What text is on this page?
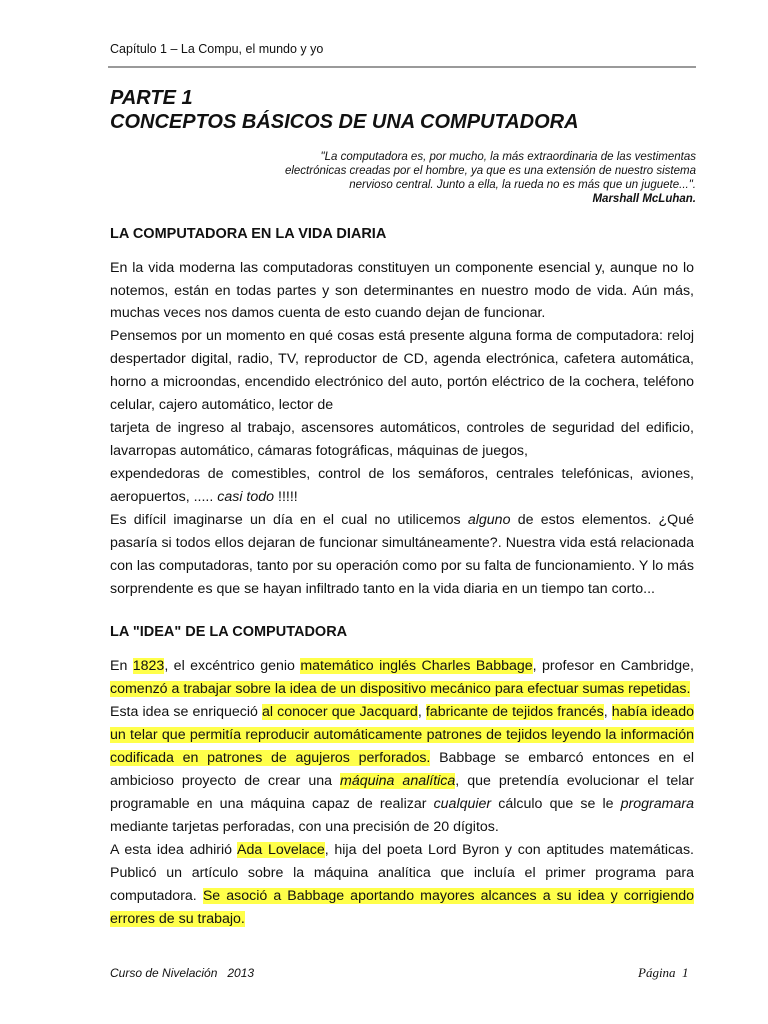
Capítulo 1 – La Compu, el mundo y yo
PARTE 1
CONCEPTOS BÁSICOS DE UNA COMPUTADORA
"La computadora es, por mucho, la más extraordinaria de las vestimentas
electrónicas creadas por el hombre, ya que es una extensión de nuestro sistema
nervioso central. Junto a ella, la rueda no es más que un juguete...".
Marshall McLuhan.
LA COMPUTADORA EN LA VIDA DIARIA
En la vida moderna las computadoras constituyen un componente esencial y, aunque no lo
notemos, están en todas partes y son determinantes en nuestro modo de vida. Aún más,
muchas veces nos damos cuenta de esto cuando dejan de funcionar.
Pensemos por un momento en qué cosas está presente alguna forma de computadora: reloj
despertador digital, radio, TV, reproductor de CD, agenda electrónica, cafetera automática,
horno a microondas, encendido electrónico del auto, portón eléctrico de la cochera, teléfono
celular, cajero automático, lector de
tarjeta de ingreso al trabajo, ascensores automáticos, controles de seguridad del edificio,
lavarropas automático, cámaras fotográficas, máquinas de juegos,
expendedoras de comestibles, control de los semáforos, centrales telefónicas, aviones,
aeropuertos, ..... casi todo !!!!!
Es difícil imaginarse un día en el cual no utilicemos alguno de estos elementos. ¿Qué
pasaría si todos ellos dejaran de funcionar simultáneamente?. Nuestra vida está relacionada
con las computadoras, tanto por su operación como por su falta de funcionamiento. Y lo más
sorprendente es que se hayan infiltrado tanto en la vida diaria en un tiempo tan corto...
LA "IDEA" DE LA COMPUTADORA
En 1823, el excéntrico genio matemático inglés Charles Babbage, profesor en Cambridge,
comenzó a trabajar sobre la idea de un dispositivo mecánico para efectuar sumas repetidas.
Esta idea se enriqueció al conocer que Jacquard, fabricante de tejidos francés, había ideado
un telar que permitía reproducir automáticamente patrones de tejidos leyendo la información
codificada en patrones de agujeros perforados. Babbage se embarcó entonces en el
ambicioso proyecto de crear una máquina analítica, que pretendía evolucionar el telar
programable en una máquina capaz de realizar cualquier cálculo que se le programara
mediante tarjetas perforadas, con una precisión de 20 dígitos.
A esta idea adhirió Ada Lovelace, hija del poeta Lord Byron y con aptitudes matemáticas.
Publicó un artículo sobre la máquina analítica que incluía el primer programa para
computadora. Se asoció a Babbage aportando mayores alcances a su idea y corrigiendo
errores de su trabajo.
Curso de Nivelación   2013	Página  1
